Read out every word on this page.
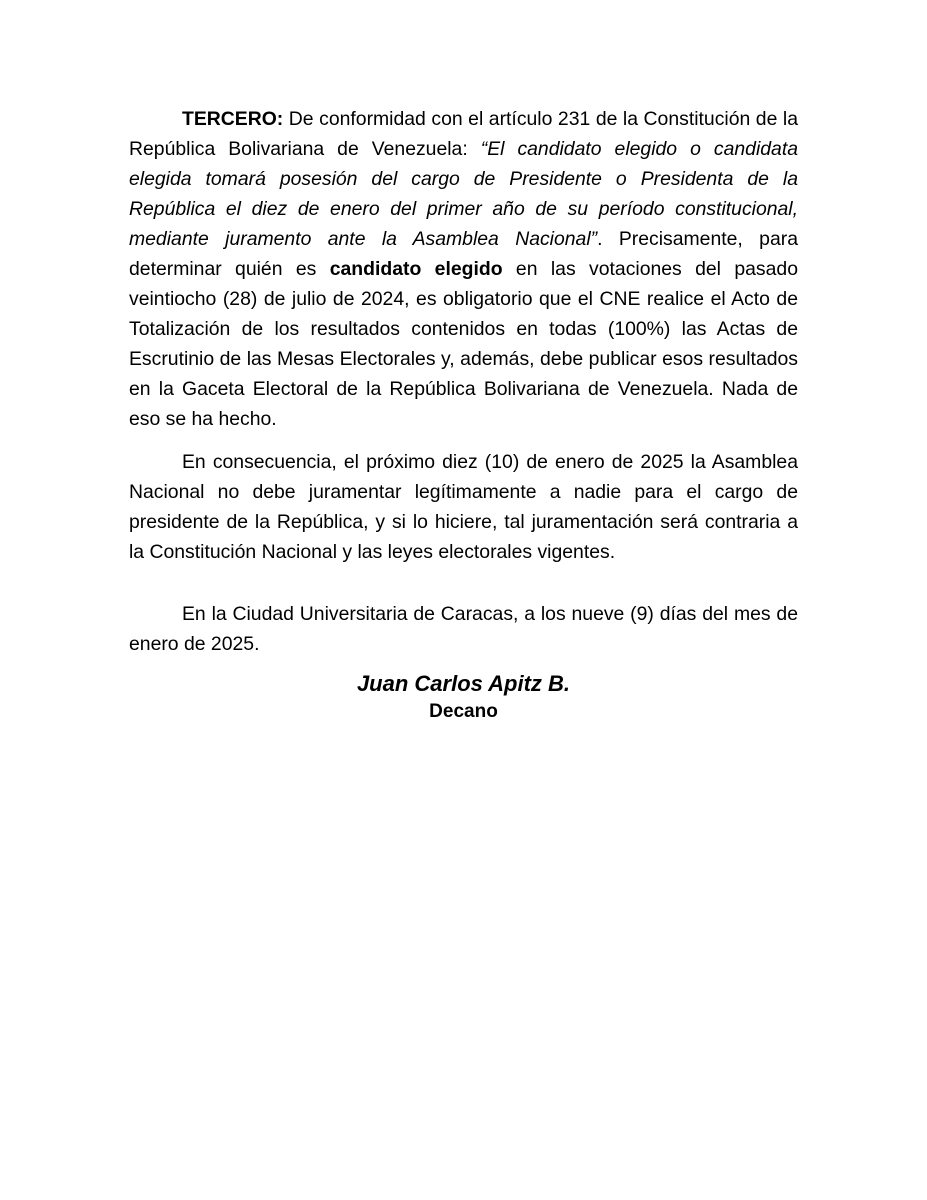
TERCERO: De conformidad con el artículo 231 de la Constitución de la República Bolivariana de Venezuela: “El candidato elegido o candidata elegida tomará posesión del cargo de Presidente o Presidenta de la República el diez de enero del primer año de su período constitucional, mediante juramento ante la Asamblea Nacional”. Precisamente, para determinar quién es candidato elegido en las votaciones del pasado veintiocho (28) de julio de 2024, es obligatorio que el CNE realice el Acto de Totalización de los resultados contenidos en todas (100%) las Actas de Escrutinio de las Mesas Electorales y, además, debe publicar esos resultados en la Gaceta Electoral de la República Bolivariana de Venezuela. Nada de eso se ha hecho.

En consecuencia, el próximo diez (10) de enero de 2025 la Asamblea Nacional no debe juramentar legítimamente a nadie para el cargo de presidente de la República, y si lo hiciere, tal juramentación será contraria a la Constitución Nacional y las leyes electorales vigentes.

En la Ciudad Universitaria de Caracas, a los nueve (9) días del mes de enero de 2025.

Juan Carlos Apitz B.
Decano
